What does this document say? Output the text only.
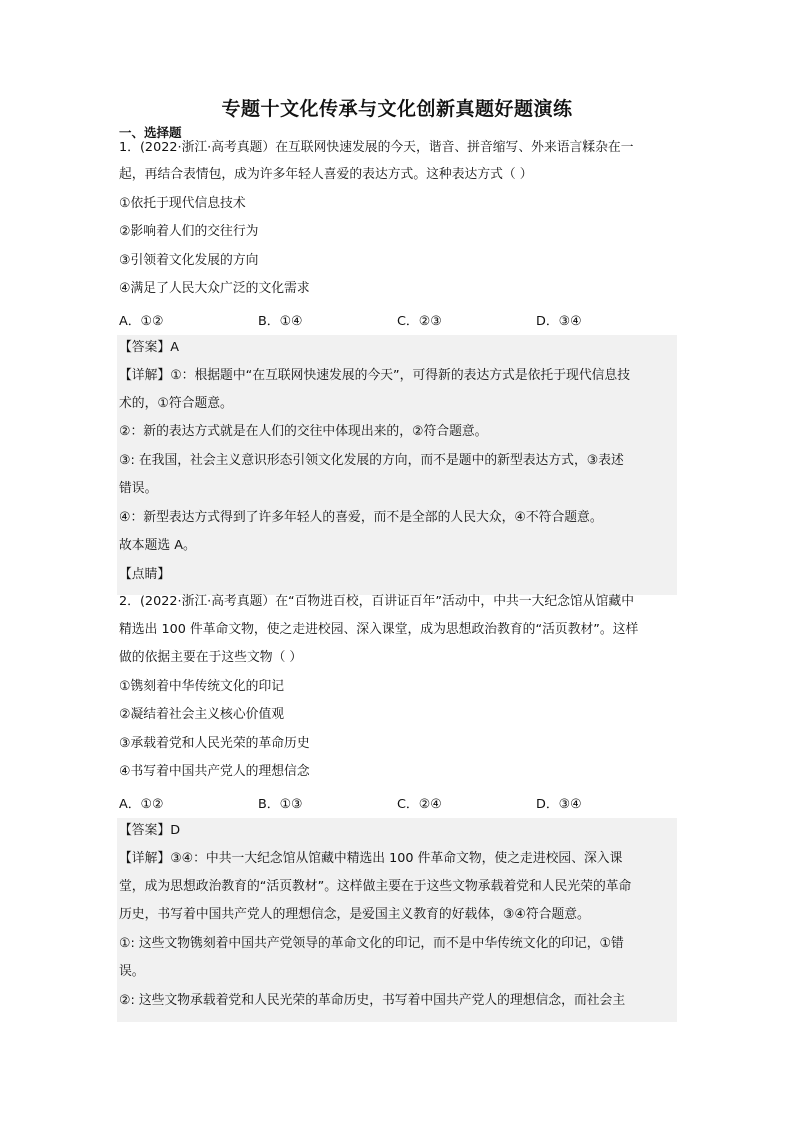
专题十文化传承与文化创新真题好题演练
一、选择题
1．(2022·浙江·高考真题）在互联网快速发展的今天，谐音、拼音缩写、外来语言糅杂在一
起，再结合表情包，成为许多年轻人喜爱的表达方式。这种表达方式（ ）
①依托于现代信息技术
②影响着人们的交往行为
③引领着文化发展的方向
④满足了人民大众广泛的文化需求
A．①②	B．①④	C．②③	D．③④
【答案】A
【详解】①：根据题中“在互联网快速发展的今天”，可得新的表达方式是依托于现代信息技
术的，①符合题意。
②：新的表达方式就是在人们的交往中体现出来的，②符合题意。
③: 在我国，社会主义意识形态引领文化发展的方向，而不是题中的新型表达方式，③表述
错误。
④：新型表达方式得到了许多年轻人的喜爱，而不是全部的人民大众，④不符合题意。
故本题选 A。
【点睛】
2．(2022·浙江·高考真题）在“百物进百校，百讲证百年”活动中，中共一大纪念馆从馆藏中
精选出 100 件革命文物，使之走进校园、深入课堂，成为思想政治教育的“活页教材”。这样
做的依据主要在于这些文物（ ）
①镌刻着中华传统文化的印记
②凝结着社会主义核心价值观
③承载着党和人民光荣的革命历史
④书写着中国共产党人的理想信念
A．①②	B．①③	C．②④	D．③④
【答案】D
【详解】③④：中共一大纪念馆从馆藏中精选出 100 件革命文物，使之走进校园、深入课
堂，成为思想政治教育的“活页教材”。这样做主要在于这些文物承载着党和人民光荣的革命
历史，书写着中国共产党人的理想信念，是爱国主义教育的好载体，③④符合题意。
①: 这些文物镌刻着中国共产党领导的革命文化的印记，而不是中华传统文化的印记，①错
误。
②: 这些文物承载着党和人民光荣的革命历史，书写着中国共产党人的理想信念，而社会主
